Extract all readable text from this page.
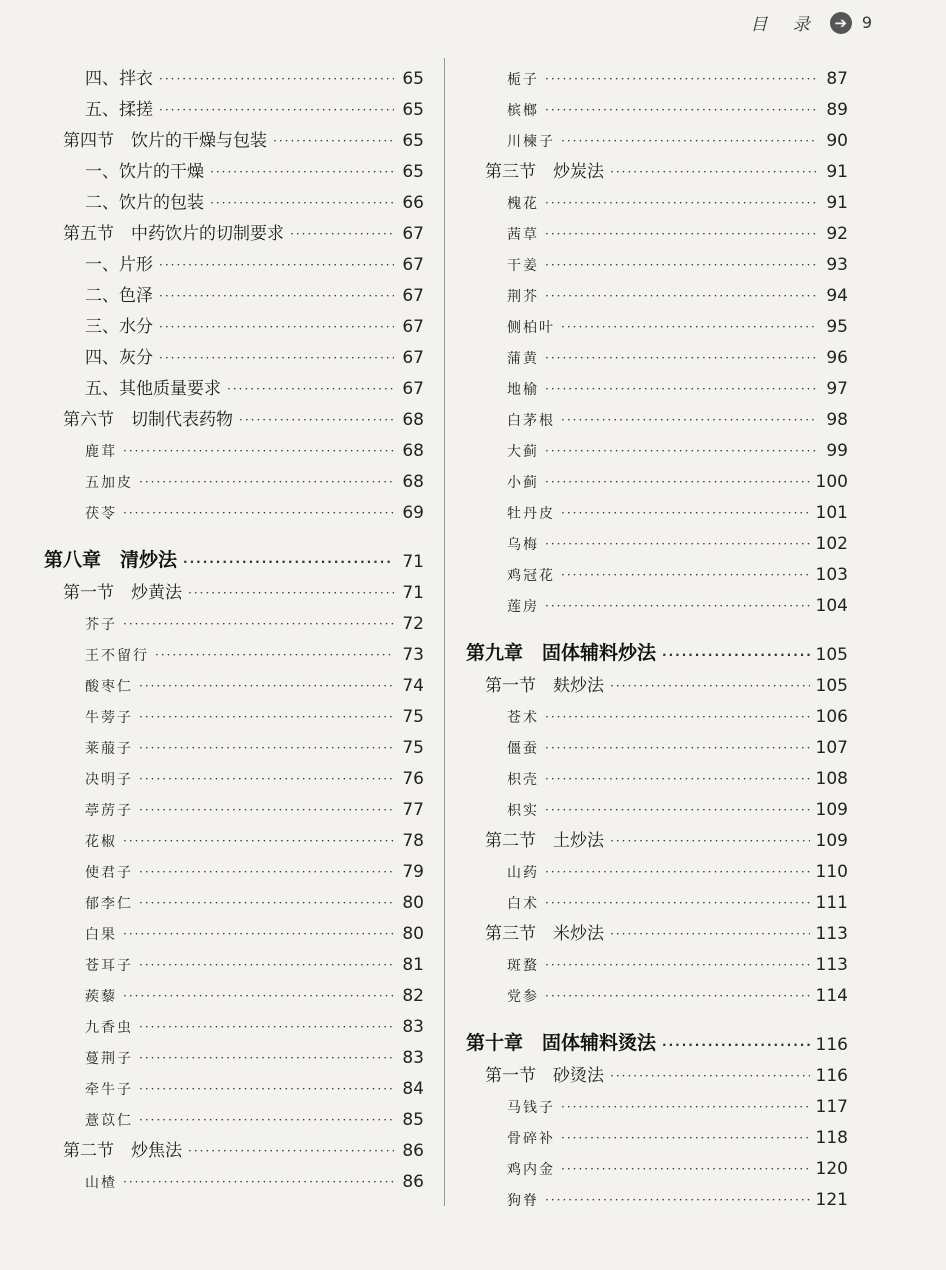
目 录 ➔ 9
四、拌衣 ·····	65
五、揉搓 ·····	65
第四节　饮片的干燥与包装 ·····	65
一、饮片的干燥 ·····	65
二、饮片的包装 ·····	66
第五节　中药饮片的切制要求 ·····	67
一、片形 ·····	67
二、色泽 ·····	67
三、水分 ·····	67
四、灰分 ·····	67
五、其他质量要求 ·····	67
第六节　切制代表药物 ·····	68
鹿茸 ·····	68
五加皮 ·····	68
茯苓 ·····	69
第八章　清炒法 ·····	71
第一节　炒黄法 ·····	71
芥子 ·····	72
王不留行 ·····	73
酸枣仁 ·····	74
牛蒡子 ·····	75
莱菔子 ·····	75
决明子 ·····	76
葶苈子 ·····	77
花椒 ·····	78
使君子 ·····	79
郁李仁 ·····	80
白果 ·····	80
苍耳子 ·····	81
蒺藜 ·····	82
九香虫 ·····	83
蔓荆子 ·····	83
牵牛子 ·····	84
薏苡仁 ·····	85
第二节　炒焦法 ·····	86
山楂 ·····	86
栀子 ·····	87
槟榔 ·····	89
川楝子 ·····	90
第三节　炒炭法 ·····	91
槐花 ·····	91
茜草 ·····	92
干姜 ·····	93
荆芥 ·····	94
侧柏叶 ·····	95
蒲黄 ·····	96
地榆 ·····	97
白茅根 ·····	98
大蓟 ·····	99
小蓟 ·····	100
牡丹皮 ·····	101
乌梅 ·····	102
鸡冠花 ·····	103
莲房 ·····	104
第九章　固体辅料炒法 ·····	105
第一节　麸炒法 ·····	105
苍术 ·····	106
僵蚕 ·····	107
枳壳 ·····	108
枳实 ·····	109
第二节　土炒法 ·····	109
山药 ·····	110
白术 ·····	111
第三节　米炒法 ·····	113
斑蝥 ·····	113
党参 ·····	114
第十章　固体辅料烫法 ·····	116
第一节　砂烫法 ·····	116
马钱子 ·····	117
骨碎补 ·····	118
鸡内金 ·····	120
狗脊 ·····	121
